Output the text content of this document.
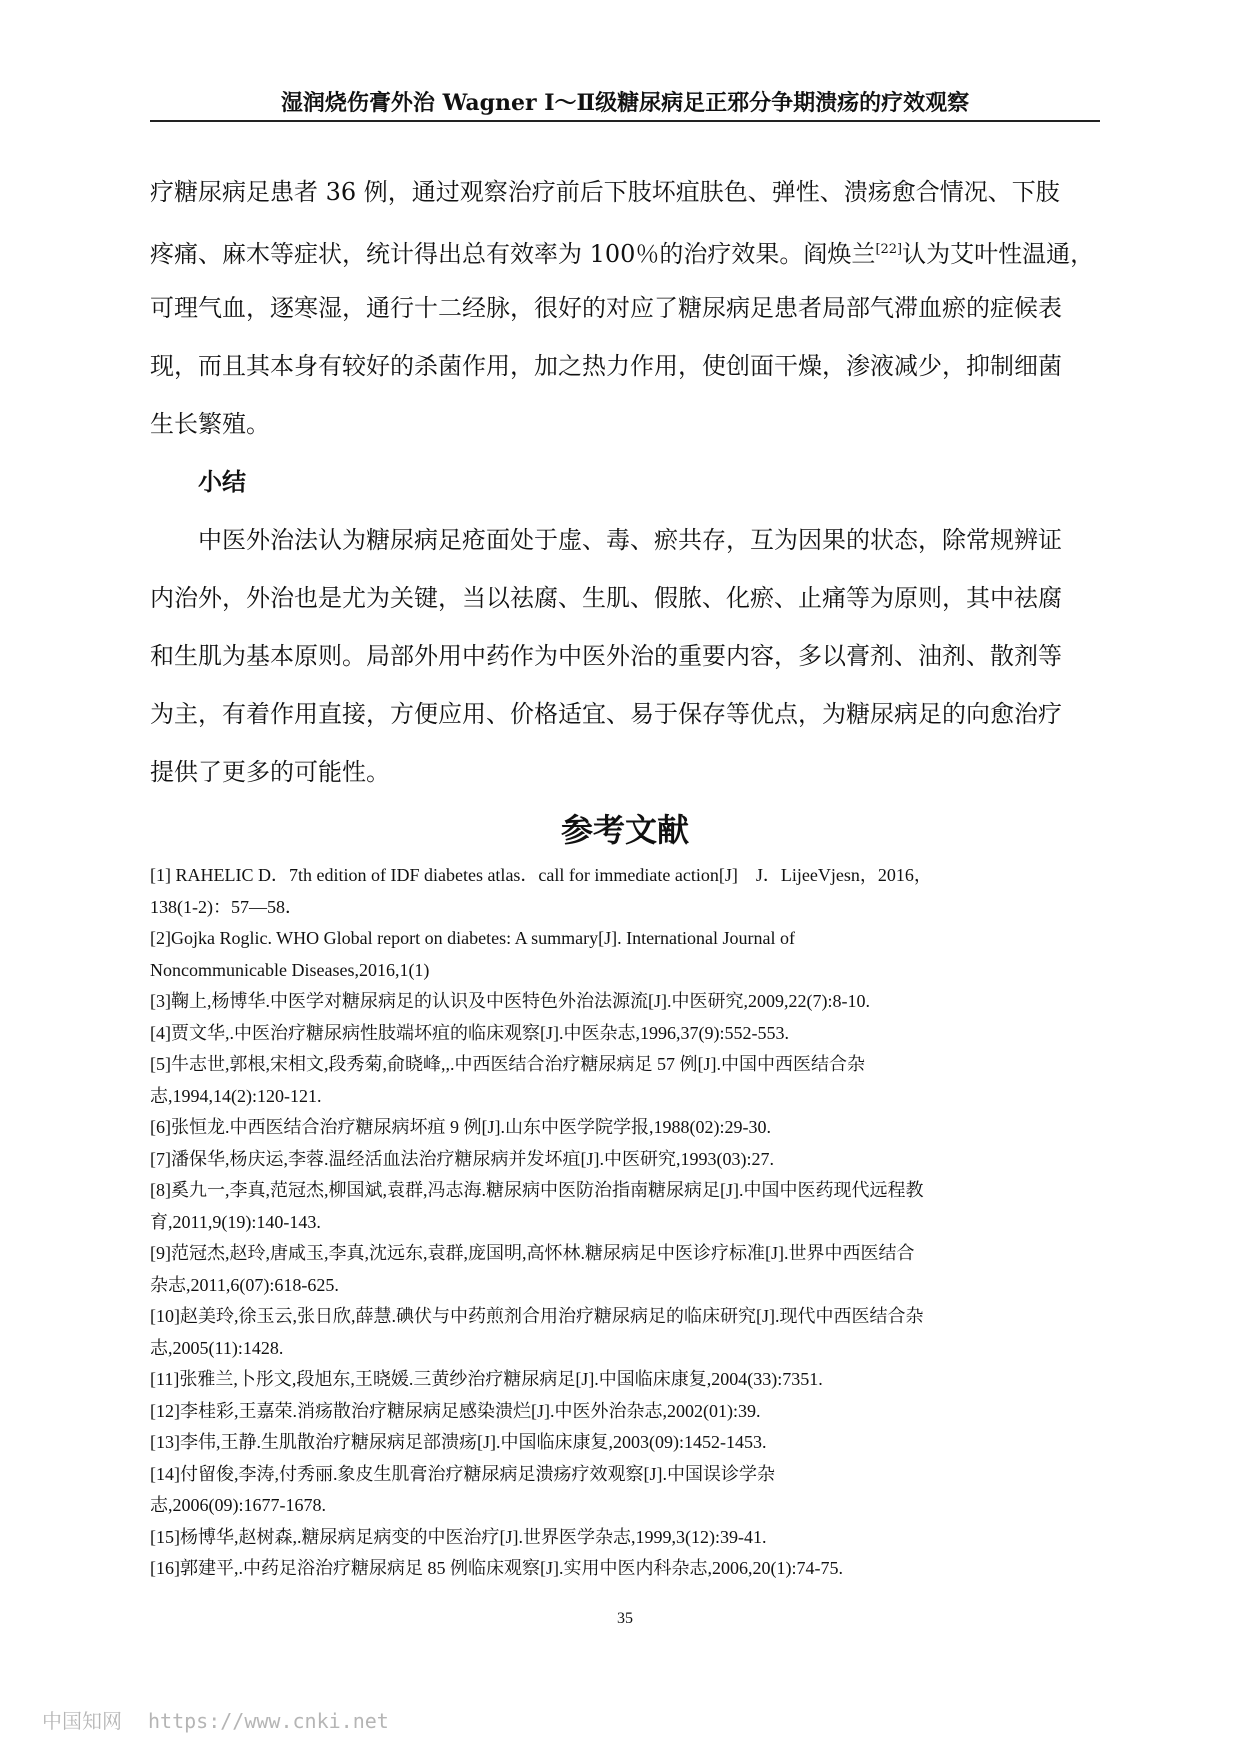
湿润烧伤膏外治 Wagner Ⅰ～Ⅱ级糖尿病足正邪分争期溃疡的疗效观察
疗糖尿病足患者 36 例，通过观察治疗前后下肢坏疽肤色、弹性、溃疡愈合情况、下肢
疼痛、麻木等症状，统计得出总有效率为 100％的治疗效果。阎焕兰[22]认为艾叶性温通，
可理气血，逐寒湿，通行十二经脉，很好的对应了糖尿病足患者局部气滞血瘀的症候表
现，而且其本身有较好的杀菌作用，加之热力作用，使创面干燥，渗液减少，抑制细菌
生长繁殖。
小结
中医外治法认为糖尿病足疮面处于虚、毒、瘀共存，互为因果的状态，除常规辨证
内治外，外治也是尤为关键，当以祛腐、生肌、假脓、化瘀、止痛等为原则，其中祛腐
和生肌为基本原则。局部外用中药作为中医外治的重要内容，多以膏剂、油剂、散剂等
为主，有着作用直接，方便应用、价格适宜、易于保存等优点，为糖尿病足的向愈治疗
提供了更多的可能性。
参考文献
[1] RAHELIC D．7th edition of IDF diabetes atlas．call for immediate action[J]　J．LijeeVjesn，2016，
138(1-2)：57—58．
[2]Gojka Roglic. WHO Global report on diabetes: A summary[J]. International Journal of
Noncommunicable Diseases,2016,1(1)
[3]鞠上,杨博华.中医学对糖尿病足的认识及中医特色外治法源流[J].中医研究,2009,22(7):8-10.
[4]贾文华,.中医治疗糖尿病性肢端坏疽的临床观察[J].中医杂志,1996,37(9):552-553.
[5]牛志世,郭根,宋相文,段秀菊,俞晓峰,,.中西医结合治疗糖尿病足 57 例[J].中国中西医结合杂
志,1994,14(2):120-121.
[6]张恒龙.中西医结合治疗糖尿病坏疽 9 例[J].山东中医学院学报,1988(02):29-30.
[7]潘保华,杨庆运,李蓉.温经活血法治疗糖尿病并发坏疽[J].中医研究,1993(03):27.
[8]奚九一,李真,范冠杰,柳国斌,袁群,冯志海.糖尿病中医防治指南糖尿病足[J].中国中医药现代远程教
育,2011,9(19):140-143.
[9]范冠杰,赵玲,唐咸玉,李真,沈远东,袁群,庞国明,高怀林.糖尿病足中医诊疗标准[J].世界中西医结合
杂志,2011,6(07):618-625.
[10]赵美玲,徐玉云,张日欣,薛慧.碘伏与中药煎剂合用治疗糖尿病足的临床研究[J].现代中西医结合杂
志,2005(11):1428.
[11]张雅兰,卜彤文,段旭东,王晓媛.三黄纱治疗糖尿病足[J].中国临床康复,2004(33):7351.
[12]李桂彩,王嘉荣.消疡散治疗糖尿病足感染溃烂[J].中医外治杂志,2002(01):39.
[13]李伟,王静.生肌散治疗糖尿病足部溃疡[J].中国临床康复,2003(09):1452-1453.
[14]付留俊,李涛,付秀丽.象皮生肌膏治疗糖尿病足溃疡疗效观察[J].中国误诊学杂
志,2006(09):1677-1678.
[15]杨博华,赵树森,.糖尿病足病变的中医治疗[J].世界医学杂志,1999,3(12):39-41.
[16]郭建平,.中药足浴治疗糖尿病足 85 例临床观察[J].实用中医内科杂志,2006,20(1):74-75.
35
中国知网 https://www.cnki.net
